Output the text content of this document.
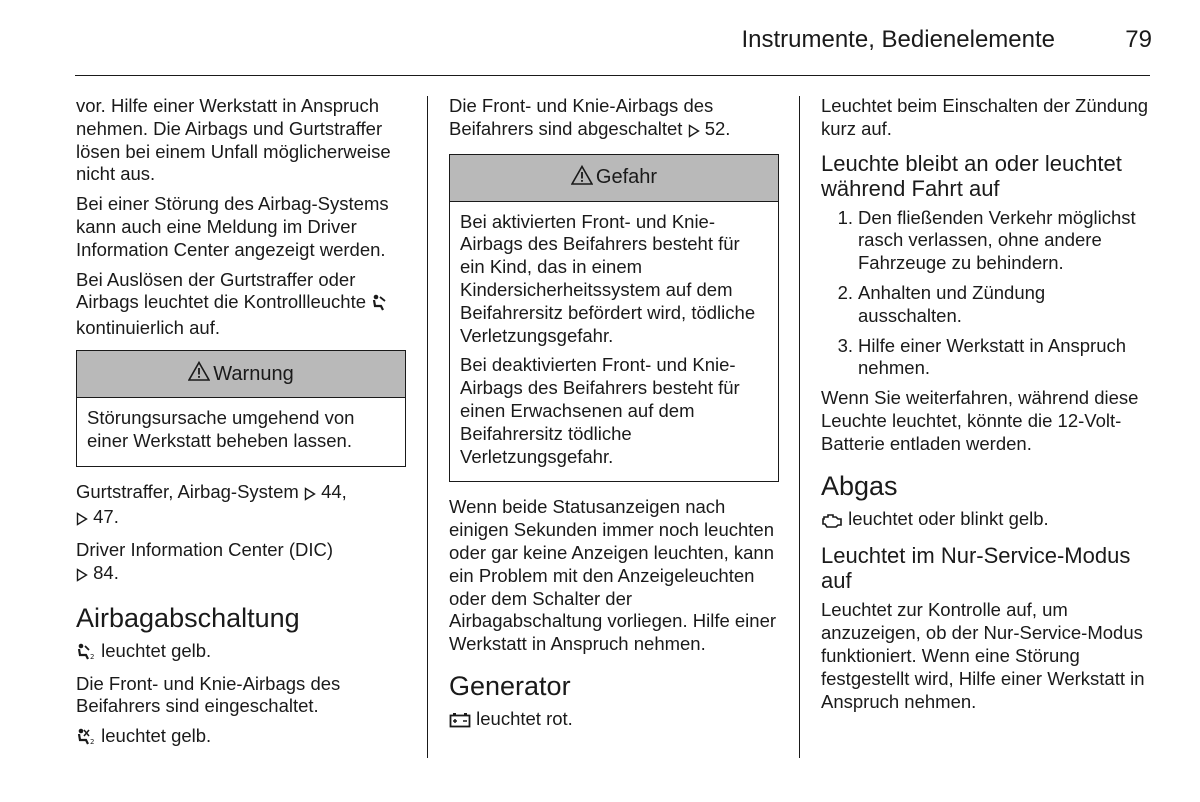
Instrumente, Bedienelemente	79

vor. Hilfe einer Werkstatt in Anspruch nehmen. Die Airbags und Gurtstraffer lösen bei einem Unfall möglicherweise nicht aus.

Bei einer Störung des Airbag-Systems kann auch eine Meldung im Driver Information Center angezeigt werden.

Bei Auslösen der Gurtstraffer oder Airbags leuchtet die Kontrollleuchte  kontinuierlich auf.

Warnung

Störungsursache umgehend von einer Werkstatt beheben lassen.

Gurtstraffer, Airbag-System 44,
47.

Driver Information Center (DIC)
84.

Airbagabschaltung

2 leuchtet gelb.

Die Front- und Knie-Airbags des Beifahrers sind eingeschaltet.

2 leuchtet gelb.

Die Front- und Knie-Airbags des Beifahrers sind abgeschaltet 52.

Gefahr

Bei aktivierten Front- und Knie-Airbags des Beifahrers besteht für ein Kind, das in einem Kindersicherheitssystem auf dem Beifahrersitz befördert wird, tödliche Verletzungsgefahr.

Bei deaktivierten Front- und Knie-Airbags des Beifahrers besteht für einen Erwachsenen auf dem Beifahrersitz tödliche Verletzungsgefahr.

Wenn beide Statusanzeigen nach einigen Sekunden immer noch leuchten oder gar keine Anzeigen leuchten, kann ein Problem mit den Anzeigeleuchten oder dem Schalter der Airbagabschaltung vorliegen. Hilfe einer Werkstatt in Anspruch nehmen.

Generator

leuchtet rot.

Leuchtet beim Einschalten der Zündung kurz auf.

Leuchte bleibt an oder leuchtet während Fahrt auf
1. Den fließenden Verkehr möglichst rasch verlassen, ohne andere Fahrzeuge zu behindern.
2. Anhalten und Zündung ausschalten.
3. Hilfe einer Werkstatt in Anspruch nehmen.

Wenn Sie weiterfahren, während diese Leuchte leuchtet, könnte die 12-Volt-Batterie entladen werden.

Abgas

leuchtet oder blinkt gelb.

Leuchtet im Nur-Service-Modus auf

Leuchtet zur Kontrolle auf, um anzuzeigen, ob der Nur-Service-Modus funktioniert. Wenn eine Störung festgestellt wird, Hilfe einer Werkstatt in Anspruch nehmen.
